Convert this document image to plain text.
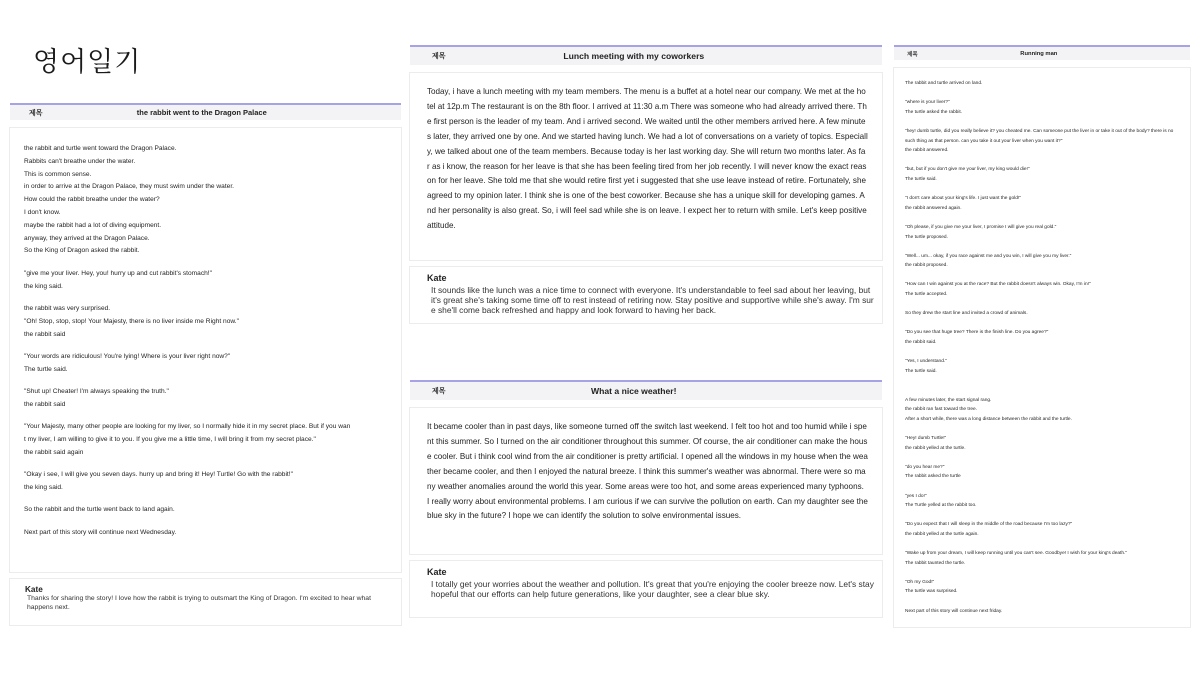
영어일기
제목	the rabbit went to the Dragon Palace
the rabbit and turtle went toward the Dragon Palace.
Rabbits can't breathe under the water.
This is common sense.
in order to arrive at the Dragon Palace, they must swim under the water.
How could the rabbit breathe under the water?
I don't know.
maybe the rabbit had a lot of diving equipment.
anyway, they arrived at the Dragon Palace.
So the King of Dragon asked the rabbit.
"give me your liver. Hey, you! hurry up and cut rabbit's stomach!"
the king said.
the rabbit was very surprised.
"Oh! Stop, stop, stop! Your Majesty, there is no liver inside me Right now."
the rabbit said
"Your words are ridiculous! You're lying! Where is your liver right now?"
The turtle said.
"Shut up! Cheater! I'm always speaking the truth."
the rabbit said
"Your Majesty, many other people are looking for my liver, so I normally hide it in my secret place. But if you wan
t my liver, I am willing to give it to you. If you give me a little time, I will bring it from my secret place."
the rabbit said again
"Okay i see, I will give you seven days. hurry up and bring it! Hey! Turtle! Go with the rabbit!"
the king said.
So the rabbit and the turtle went back to land again.
Next part of this story will continue next Wednesday.
Kate
Thanks for sharing the story! I love how the rabbit is trying to outsmart the King of Dragon. I'm excited to hear what happens next.
제목	Lunch meeting with my coworkers
Today, i have a lunch meeting with my team members. The menu is a buffet at a hotel near our company. We met at the hotel at 12p.m The restaurant is on the 8th floor. I arrived at 11:30 a.m There was someone who had already arrived there. The first person is the leader of my team. And i arrived second. We waited until the other members arrived here. A few minutes later, they arrived one by one. And we started having lunch. We had a lot of conversations on a variety of topics. Especially, we talked about one of the team members. Because today is her last working day. She will return two months later. As far as i know, the reason for her leave is that she has been feeling tired from her job recently. I will never know the exact reason for her leave. She told me that she would retire first yet i suggested that she use leave instead of retire. Fortunately, she agreed to my opinion later. I think she is one of the best coworker. Because she has a unique skill for developing games. And her personality is also great. So, i will feel sad while she is on leave. I expect her to return with smile. Let's keep positive attitude.
Kate
It sounds like the lunch was a nice time to connect with everyone. It's understandable to feel sad about her leaving, but it's great she's taking some time off to rest instead of retiring now. Stay positive and supportive while she's away. I'm sure she'll come back refreshed and happy and look forward to having her back.
제목	What a nice weather!
It became cooler than in past days, like someone turned off the switch last weekend. I felt too hot and too humid while i spent this summer. So I turned on the air conditioner throughout this summer. Of course, the air conditioner can make the house cooler. But i think cool wind from the air conditioner is pretty artificial. I opened all the windows in my house when the weather became cooler, and then I enjoyed the natural breeze. I think this summer's weather was abnormal. There were so many weather anomalies around the world this year. Some areas were too hot, and some areas experienced many typhoons. I really worry about environmental problems. I am curious if we can survive the pollution on earth. Can my daughter see the blue sky in the future? I hope we can identify the solution to solve environmental issues.
Kate
I totally get your worries about the weather and pollution. It's great that you're enjoying the cooler breeze now. Let's stay hopeful that our efforts can help future generations, like your daughter, see a clear blue sky.
제목	Running man
The rabbit and turtle arrived on land.
"where is your liver?"
The turtle asked the rabbit.
"hey! dumb turtle, did you really believe it? you cheated me. Can someone put the liver in or take it out of the body? there is no such thing as that person. can you take it out your liver when you want it?"
the rabbit answered.
"but, but if you don't give me your liver, my king would die!"
The turtle said.
"I don't care about your king's life. I just want the gold!"
the rabbit answered again.
"Oh please, if you give me your liver, I promise I will give you real gold."
The turtle proposed.
"Well... um... okay, if you race against me and you win, I will give you my liver."
the rabbit proposed.
"How can I win against you at the race? But the rabbit doesn't always win. Okay, I'm in!"
The turtle accepted.
So they drew the start line and invited a crowd of animals.
"Do you see that huge tree? There is the finish line. Do you agree?"
the rabbit said.
"Yes, I understand."
The turtle said.

A few minutes later, the start signal rang.
the rabbit ran fast toward the tree.
After a short while, there was a long distance between the rabbit and the turtle.
"Hey! dumb Turtle!"
the rabbit yelled at the turtle.
"do you hear me?"
The rabbit asked the turtle
"yes I do!"
The Turtle yelled at the rabbit too.
"Do you expect that I will sleep in the middle of the road because I'm too lazy?"
the rabbit yelled at the turtle again.
"Wake up from your dream, I will keep running until you can't see. Goodbye! I wish for your king's death."
The rabbit taunted the turtle.
"Oh my God!"
The turtle was surprised.
Next part of this story will continue next friday.
